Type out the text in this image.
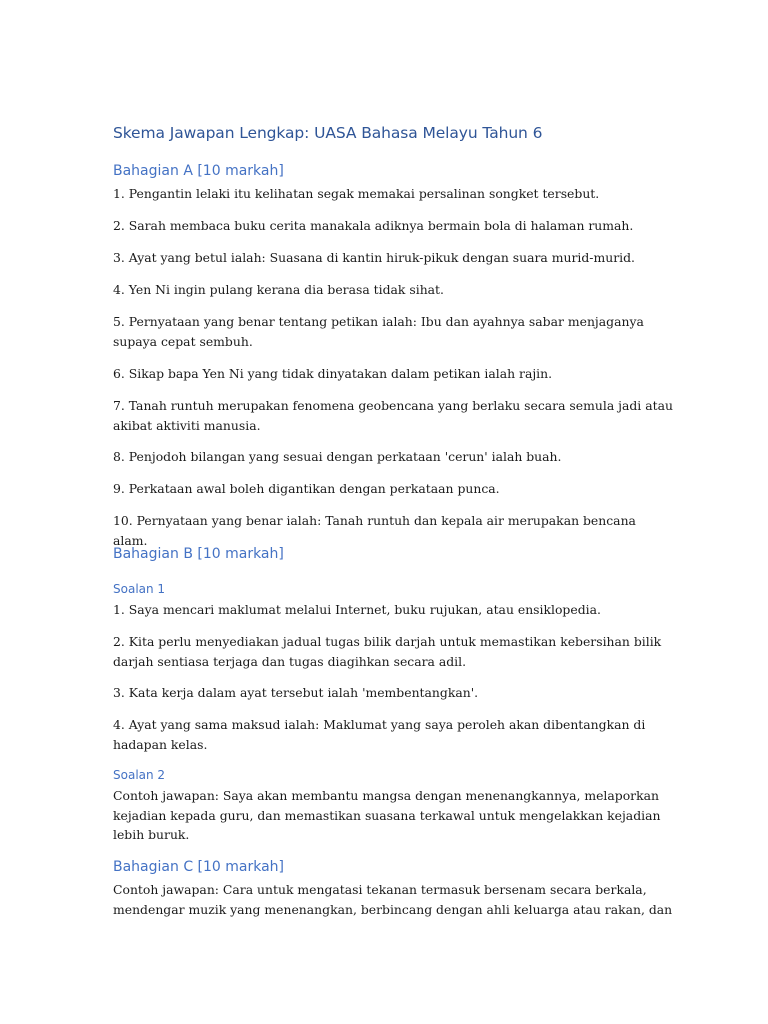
Skema Jawapan Lengkap: UASA Bahasa Melayu Tahun 6
Bahagian A [10 markah]

1. Pengantin lelaki itu kelihatan segak memakai persalinan songket tersebut.

2. Sarah membaca buku cerita manakala adiknya bermain bola di halaman rumah.

3. Ayat yang betul ialah: Suasana di kantin hiruk-pikuk dengan suara murid-murid.

4. Yen Ni ingin pulang kerana dia berasa tidak sihat.

5. Pernyataan yang benar tentang petikan ialah: Ibu dan ayahnya sabar menjaganya supaya cepat sembuh.

6. Sikap bapa Yen Ni yang tidak dinyatakan dalam petikan ialah rajin.

7. Tanah runtuh merupakan fenomena geobencana yang berlaku secara semula jadi atau akibat aktiviti manusia.

8. Penjodoh bilangan yang sesuai dengan perkataan 'cerun' ialah buah.

9. Perkataan awal boleh digantikan dengan perkataan punca.

10. Pernyataan yang benar ialah: Tanah runtuh dan kepala air merupakan bencana alam.

Bahagian B [10 markah]
Soalan 1

1. Saya mencari maklumat melalui Internet, buku rujukan, atau ensiklopedia.

2. Kita perlu menyediakan jadual tugas bilik darjah untuk memastikan kebersihan bilik darjah sentiasa terjaga dan tugas diagihkan secara adil.

3. Kata kerja dalam ayat tersebut ialah 'membentangkan'.

4. Ayat yang sama maksud ialah: Maklumat yang saya peroleh akan dibentangkan di hadapan kelas.

Soalan 2

Contoh jawapan: Saya akan membantu mangsa dengan menenangkannya, melaporkan kejadian kepada guru, dan memastikan suasana terkawal untuk mengelakkan kejadian lebih buruk.

Bahagian C [10 markah]

Contoh jawapan: Cara untuk mengatasi tekanan termasuk bersenam secara berkala, mendengar muzik yang menenangkan, berbincang dengan ahli keluarga atau rakan, dan
